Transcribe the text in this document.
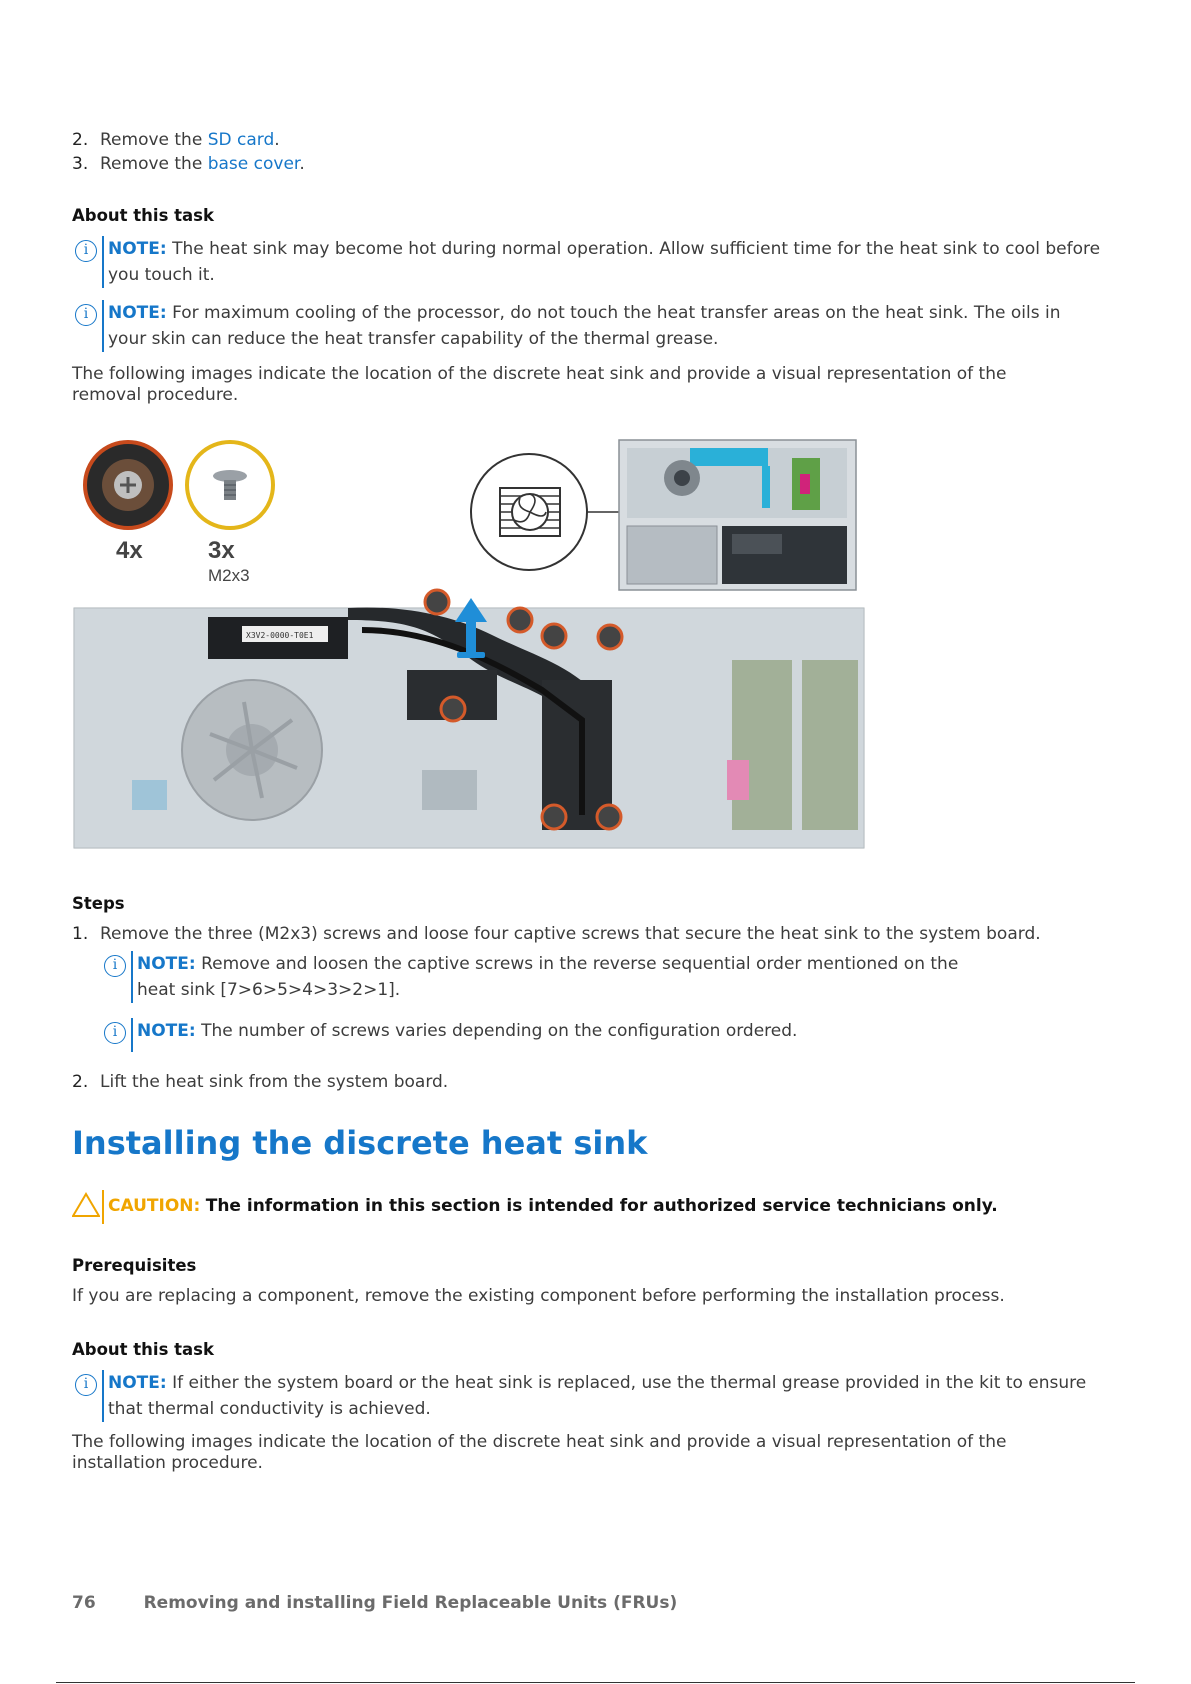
2. Remove the SD card.
3. Remove the base cover.
About this task
i	NOTE: The heat sink may become hot during normal operation. Allow sufficient time for the heat sink to cool before you touch it.
i	NOTE: For maximum cooling of the processor, do not touch the heat transfer areas on the heat sink. The oils in your skin can reduce the heat transfer capability of the thermal grease.
The following images indicate the location of the discrete heat sink and provide a visual representation of the removal procedure.
4x	3x
M2x3
X3V2-0000-T0E1
Steps
1. Remove the three (M2x3) screws and loose four captive screws that secure the heat sink to the system board.
i	NOTE: Remove and loosen the captive screws in the reverse sequential order mentioned on the heat sink [7>6>5>4>3>2>1].
i	NOTE: The number of screws varies depending on the configuration ordered.
2. Lift the heat sink from the system board.
Installing the discrete heat sink
CAUTION: The information in this section is intended for authorized service technicians only.
Prerequisites
If you are replacing a component, remove the existing component before performing the installation process.
About this task
i	NOTE: If either the system board or the heat sink is replaced, use the thermal grease provided in the kit to ensure that thermal conductivity is achieved.
The following images indicate the location of the discrete heat sink and provide a visual representation of the installation procedure.
76	Removing and installing Field Replaceable Units (FRUs)
